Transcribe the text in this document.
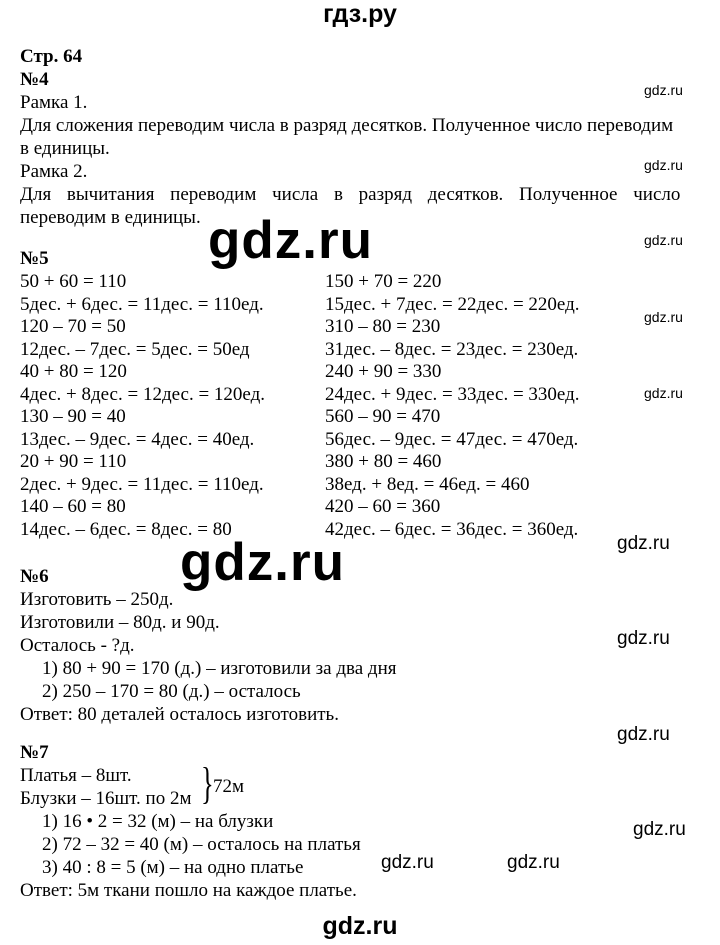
гдз.ру
Стр. 64
№4
Рамка 1.
Для сложения переводим числа в разряд десятков. Полученное число переводим
в единицы.
Рамка 2.
Для вычитания переводим числа в разряд десятков. Полученное число
переводим в единицы. gdz.ru
№5
50 + 60 = 110
5дес. + 6дес. = 11дес. = 110ед.
120 – 70 = 50
12дес. – 7дес. = 5дес. = 50ед
40 + 80 = 120
4дес. + 8дес. = 12дес. = 120ед.
130 – 90 = 40
13дес. – 9дес. = 4дес. = 40ед.
20 + 90 = 110
2дес. + 9дес. = 11дес. = 110ед.
140 – 60 = 80
14дес. – 6дес. = 8дес. = 80
150 + 70 = 220
15дес. + 7дес. = 22дес. = 220ед.
310 – 80 = 230
31дес. – 8дес. = 23дес. = 230ед.
240 + 90 = 330
24дес. + 9дес. = 33дес. = 330ед.
560 – 90 = 470
56дес. – 9дес. = 47дес. = 470ед.
380 + 80 = 460
38ед. + 8ед. = 46ед. = 460
420 – 60 = 360
42дес. – 6дес. = 36дес. = 360ед.
gdz.ru
№6
Изготовить – 250д.
Изготовили – 80д. и 90д.
Осталось - ?д.
1) 80 + 90 = 170 (д.) – изготовили за два дня
2) 250 – 170 = 80 (д.) – осталось
Ответ: 80 деталей осталось изготовить.
№7
Платья – 8шт.
Блузки – 16шт. по 2м } 72м
1) 16 • 2 = 32 (м) – на блузки
2) 72 – 32 = 40 (м) – осталось на платья
3) 40 : 8 = 5 (м) – на одно платье
Ответ: 5м ткани пошло на каждое платье.
gdz.ru
gdz.ru
gdz.ru
gdz.ru
gdz.ru
gdz.ru
gdz.ru
gdz.ru
gdz.ru
gdz.ru	gdz.ru
gdz.ru
